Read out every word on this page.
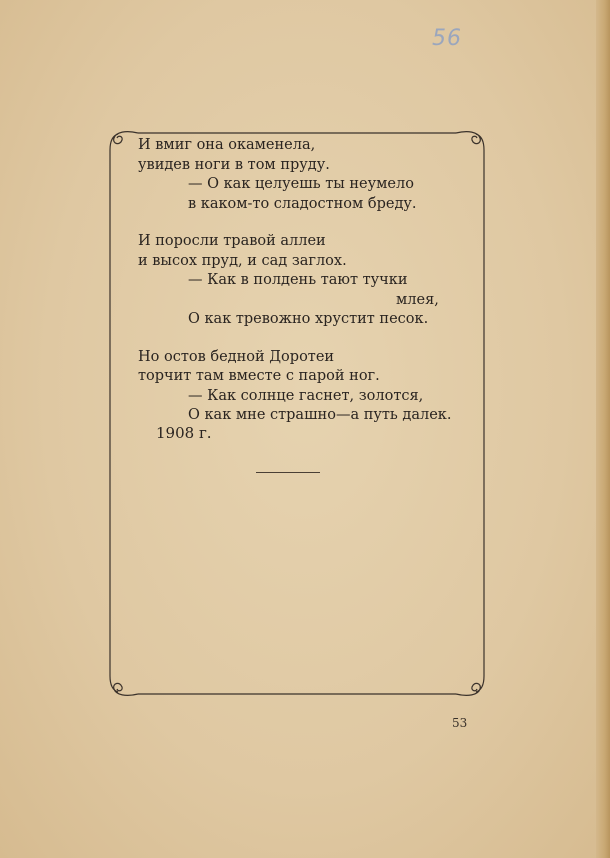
56
И вмиг она окаменела,
увидев ноги в том пруду.
— О как целуешь ты неумело
в каком-то сладостном бреду.
И поросли травой аллеи
и высох пруд, и сад заглох.
— Как в полдень тают тучки
млея,
О как тревожно хрустит песок.
Но остов бедной Доротеи
торчит там вместе с парой ног.
— Как солнце гаснет, золотся,
О как мне страшно—а путь далек.
1908 г.
53
